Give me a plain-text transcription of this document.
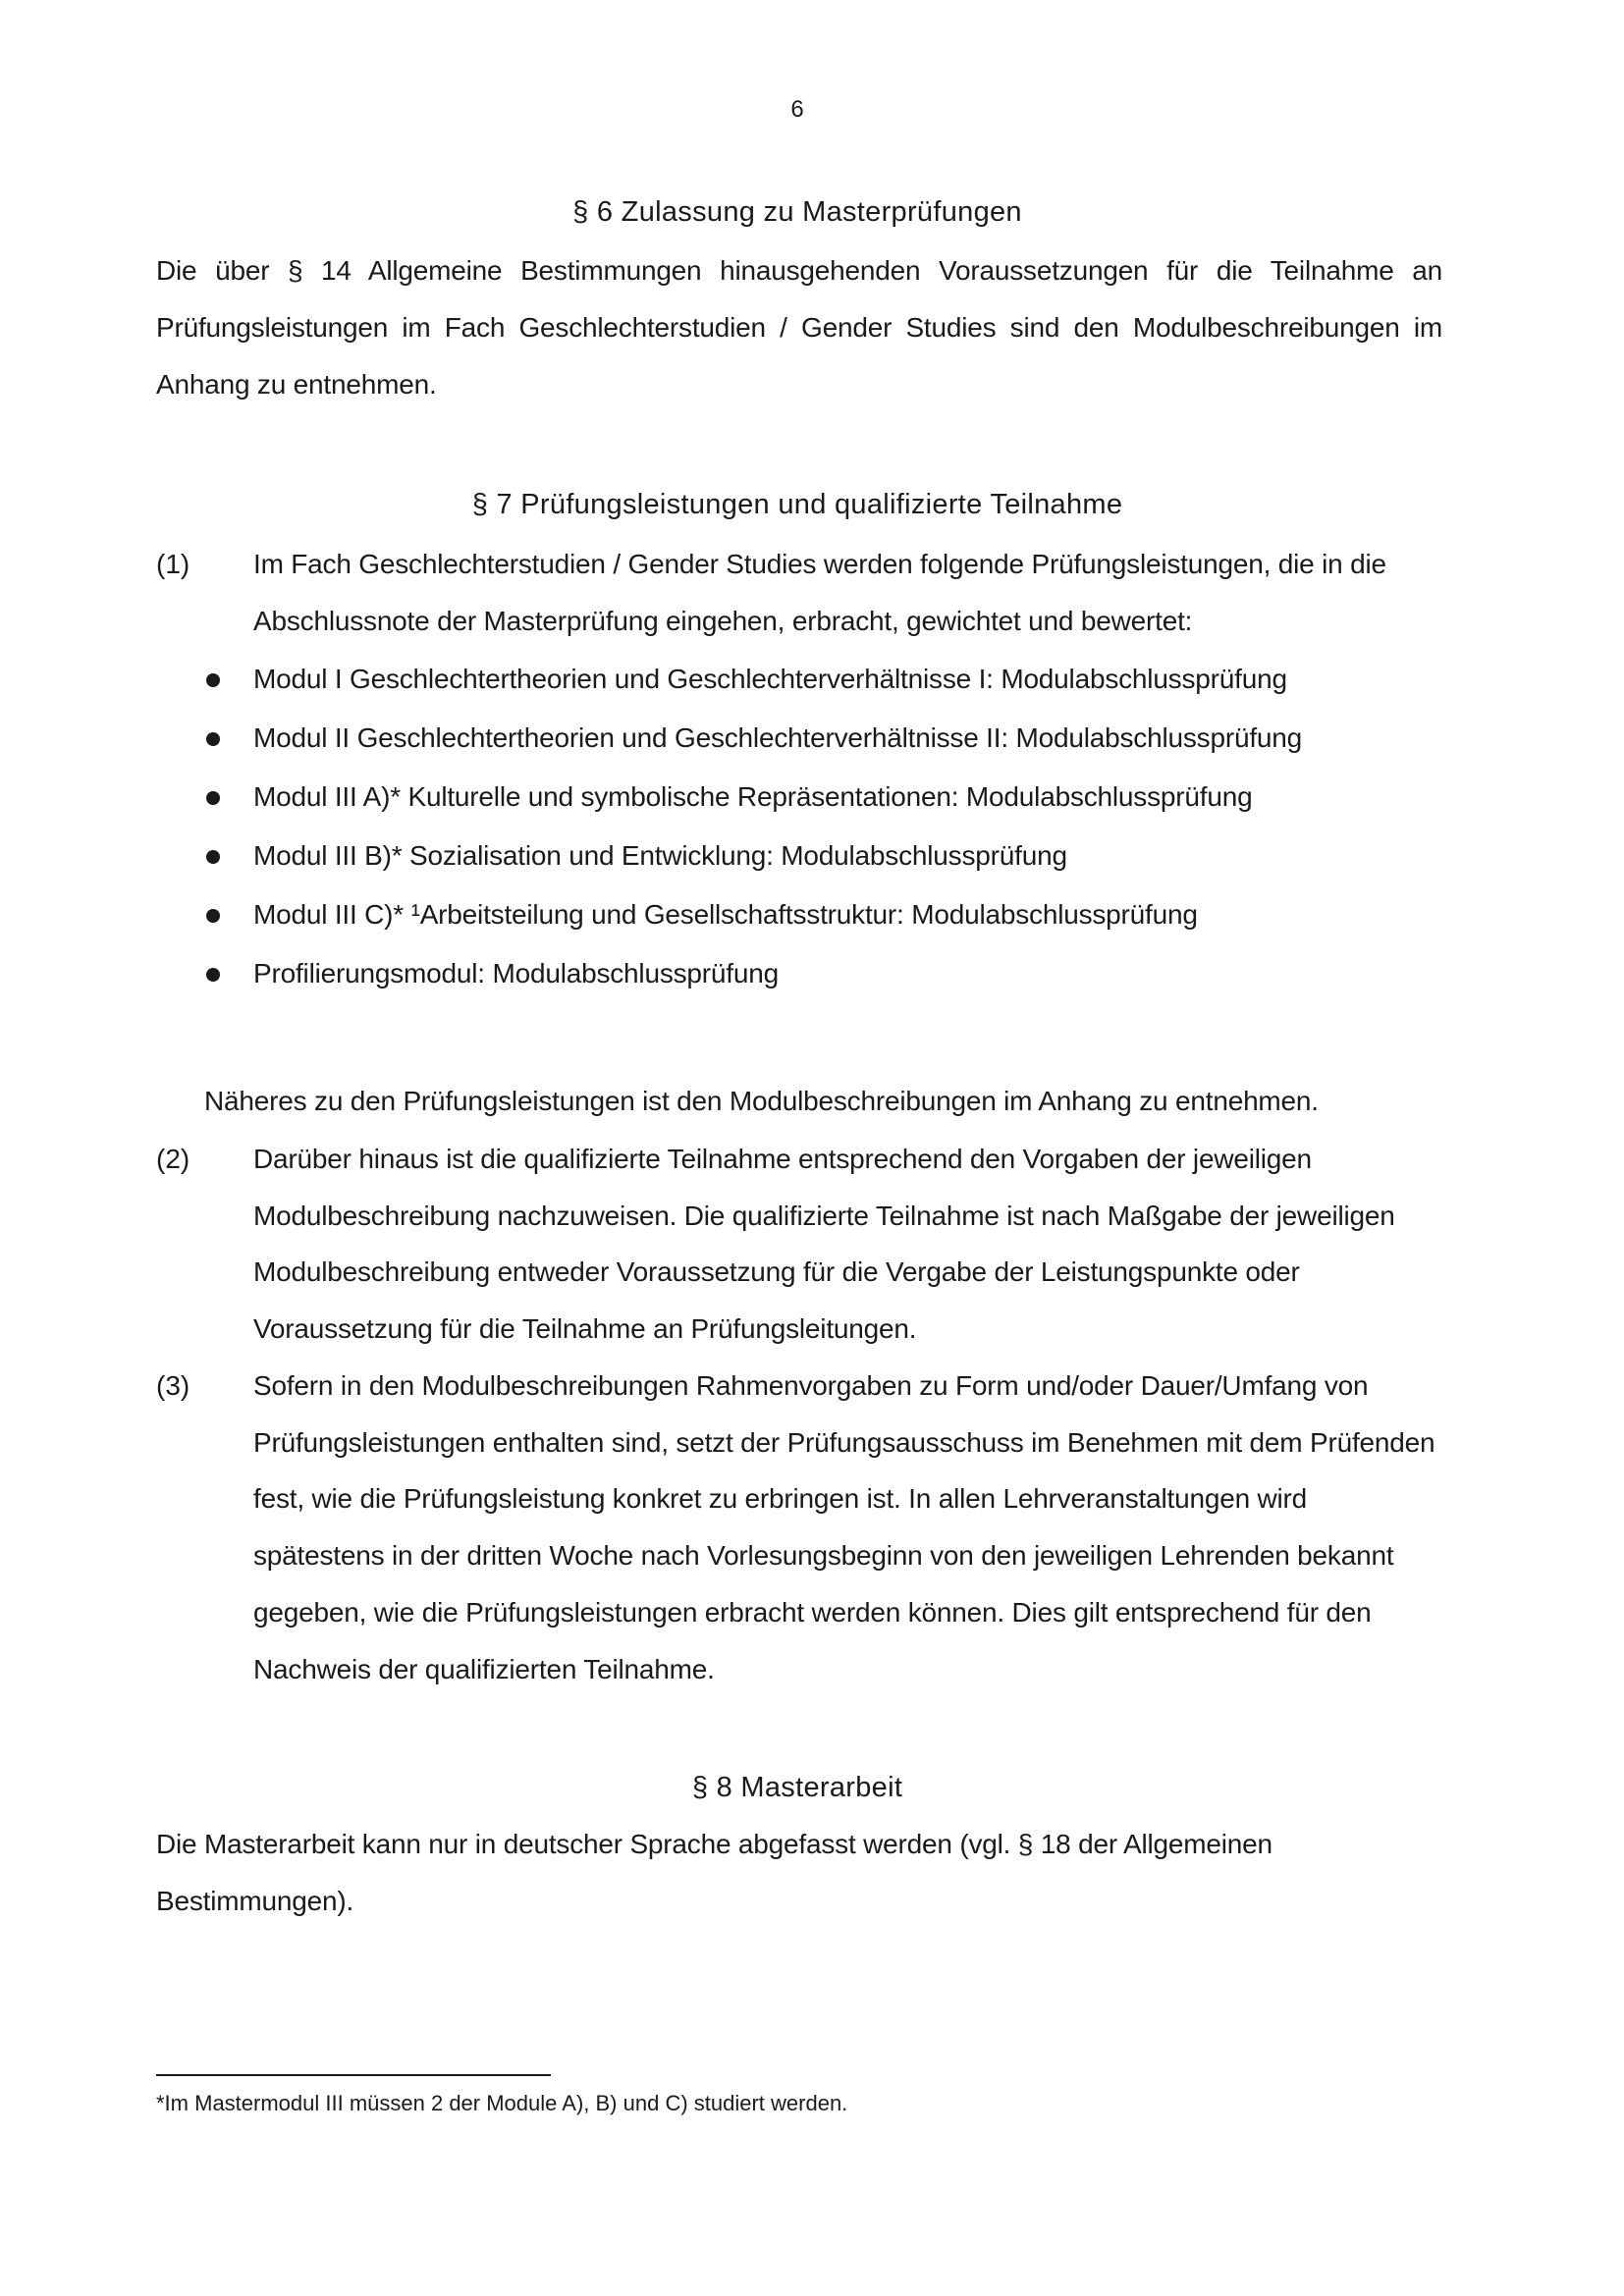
6
§ 6 Zulassung zu Masterprüfungen
Die über § 14 Allgemeine Bestimmungen hinausgehenden Voraussetzungen für die Teilnahme an Prüfungsleistungen im Fach Geschlechterstudien / Gender Studies sind den Modulbeschreibungen im Anhang zu entnehmen.
§ 7 Prüfungsleistungen und qualifizierte Teilnahme
(1) Im Fach Geschlechterstudien / Gender Studies werden folgende Prüfungsleistungen, die in die
Abschlussnote der Masterprüfung eingehen, erbracht, gewichtet und bewertet:
Modul I Geschlechtertheorien und Geschlechterverhältnisse I: Modulabschlussprüfung
Modul II Geschlechtertheorien und Geschlechterverhältnisse II: Modulabschlussprüfung
Modul III A)* Kulturelle und symbolische Repräsentationen: Modulabschlussprüfung
Modul III B)* Sozialisation und Entwicklung: Modulabschlussprüfung
Modul III C)* ¹Arbeitsteilung und Gesellschaftsstruktur: Modulabschlussprüfung
Profilierungsmodul: Modulabschlussprüfung
Näheres zu den Prüfungsleistungen ist den Modulbeschreibungen im Anhang zu entnehmen.
(2) Darüber hinaus ist die qualifizierte Teilnahme entsprechend den Vorgaben der jeweiligen
Modulbeschreibung nachzuweisen. Die qualifizierte Teilnahme ist nach Maßgabe der jeweiligen
Modulbeschreibung entweder Voraussetzung für die Vergabe der Leistungspunkte oder
Voraussetzung für die Teilnahme an Prüfungsleitungen.
(3) Sofern in den Modulbeschreibungen Rahmenvorgaben zu Form und/oder Dauer/Umfang von
Prüfungsleistungen enthalten sind, setzt der Prüfungsausschuss im Benehmen mit dem Prüfenden
fest, wie die Prüfungsleistung konkret zu erbringen ist. In allen Lehrveranstaltungen wird
spätestens in der dritten Woche nach Vorlesungsbeginn von den jeweiligen Lehrenden bekannt
gegeben, wie die Prüfungsleistungen erbracht werden können. Dies gilt entsprechend für den
Nachweis der qualifizierten Teilnahme.
§ 8 Masterarbeit
Die Masterarbeit kann nur in deutscher Sprache abgefasst werden (vgl. § 18 der Allgemeinen
Bestimmungen).
*Im Mastermodul III müssen 2 der Module A), B) und C) studiert werden.
